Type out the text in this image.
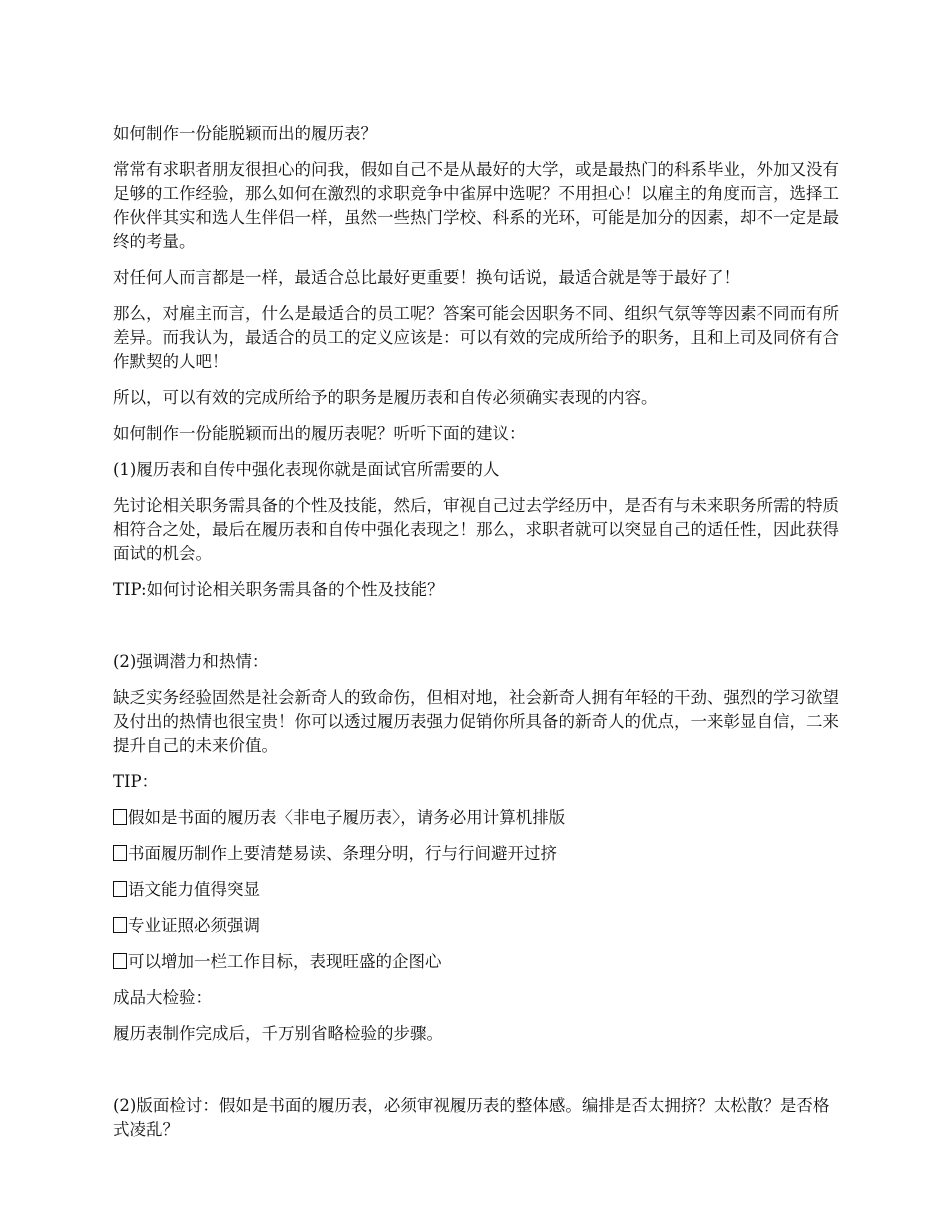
如何制作一份能脱颖而出的履历表？

常常有求职者朋友很担心的问我，假如自己不是从最好的大学，或是最热门的科系毕业，外加又没有足够的工作经验，那么如何在激烈的求职竞争中雀屏中选呢？不用担心！以雇主的角度而言，选择工作伙伴其实和选人生伴侣一样，虽然一些热门学校、科系的光环，可能是加分的因素，却不一定是最终的考量。

对任何人而言都是一样，最适合总比最好更重要！换句话说，最适合就是等于最好了！

那么，对雇主而言，什么是最适合的员工呢？答案可能会因职务不同、组织气氛等等因素不同而有所差异。而我认为，最适合的员工的定义应该是：可以有效的完成所给予的职务，且和上司及同侪有合作默契的人吧！

所以，可以有效的完成所给予的职务是履历表和自传必须确实表现的内容。

如何制作一份能脱颖而出的履历表呢？听听下面的建议：

(1)履历表和自传中强化表现你就是面试官所需要的人

先讨论相关职务需具备的个性及技能，然后，审视自己过去学经历中，是否有与未来职务所需的特质相符合之处，最后在履历表和自传中强化表现之！那么，求职者就可以突显自己的适任性，因此获得面试的机会。

TIP:如何讨论相关职务需具备的个性及技能？

(2)强调潜力和热情：

缺乏实务经验固然是社会新奇人的致命伤，但相对地，社会新奇人拥有年轻的干劲、强烈的学习欲望及付出的热情也很宝贵！你可以透过履历表强力促销你所具备的新奇人的优点，一来彰显自信，二来提升自己的未来价值。

TIP：

假如是书面的履历表〈非电子履历表〉，请务必用计算机排版

书面履历制作上要清楚易读、条理分明，行与行间避开过挤

语文能力值得突显

专业证照必须强调

可以增加一栏工作目标，表现旺盛的企图心

成品大检验：

履历表制作完成后，千万别省略检验的步骤。

(2)版面检讨：假如是书面的履历表，必须审视履历表的整体感。编排是否太拥挤？太松散？是否格式凌乱？
